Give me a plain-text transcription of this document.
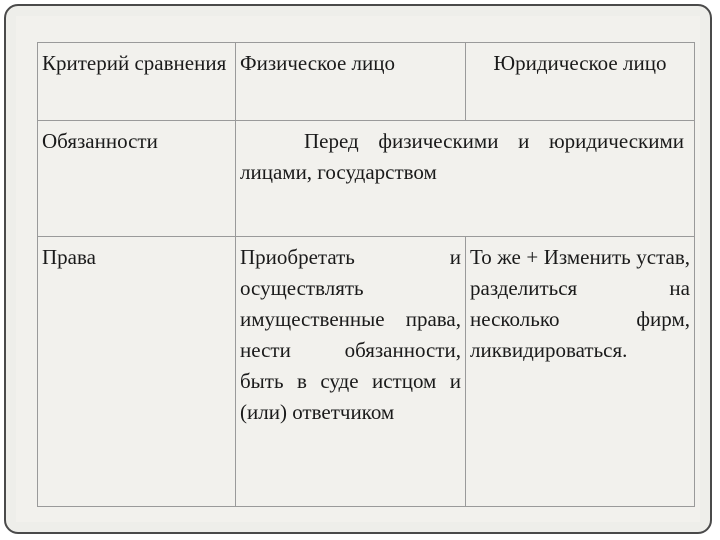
Критерий сравнения	Физическое лицо	Юридическое лицо
Обязанности	Перед физическими и юридическими лицами, государством	
Права	Приобретать и осуществлять имущественные права, нести обязанности, быть в суде истцом и (или) ответчиком	То же + Изменить устав, разделиться на несколько фирм, ликвидироваться.
